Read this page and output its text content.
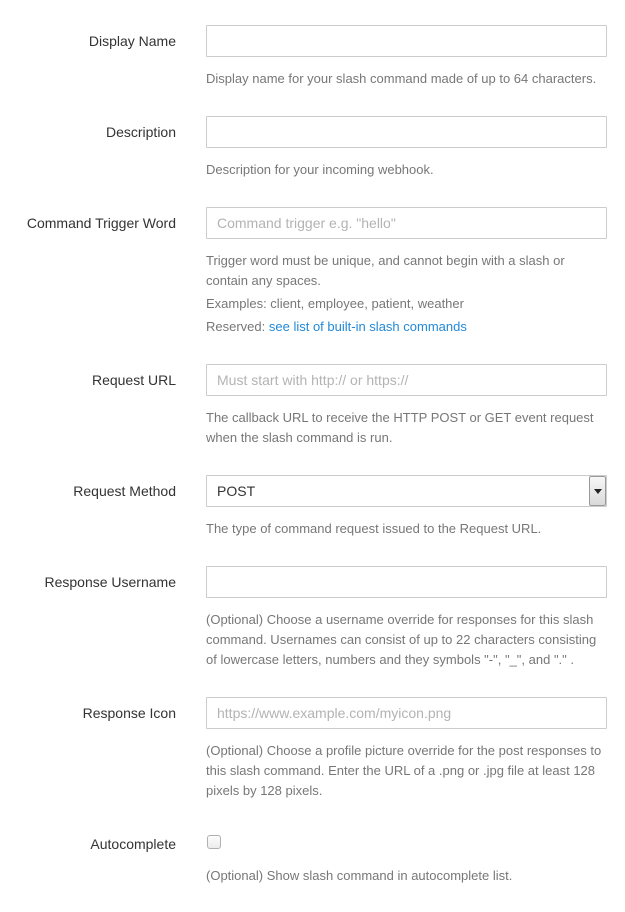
Display Name

Display name for your slash command made of up to 64 characters.

Description

Description for your incoming webhook.

Command Trigger Word
Command trigger e.g. "hello"

Trigger word must be unique, and cannot begin with a slash or contain any spaces.

Examples: client, employee, patient, weather

Reserved: see list of built-in slash commands

Request URL
Must start with http:// or https://

The callback URL to receive the HTTP POST or GET event request when the slash command is run.

Request Method
POST

The type of command request issued to the Request URL.

Response Username

(Optional) Choose a username override for responses for this slash command. Usernames can consist of up to 22 characters consisting of lowercase letters, numbers and they symbols "-", "_", and "." .

Response Icon
https://www.example.com/myicon.png

(Optional) Choose a profile picture override for the post responses to this slash command. Enter the URL of a .png or .jpg file at least 128 pixels by 128 pixels.

Autocomplete

(Optional) Show slash command in autocomplete list.
